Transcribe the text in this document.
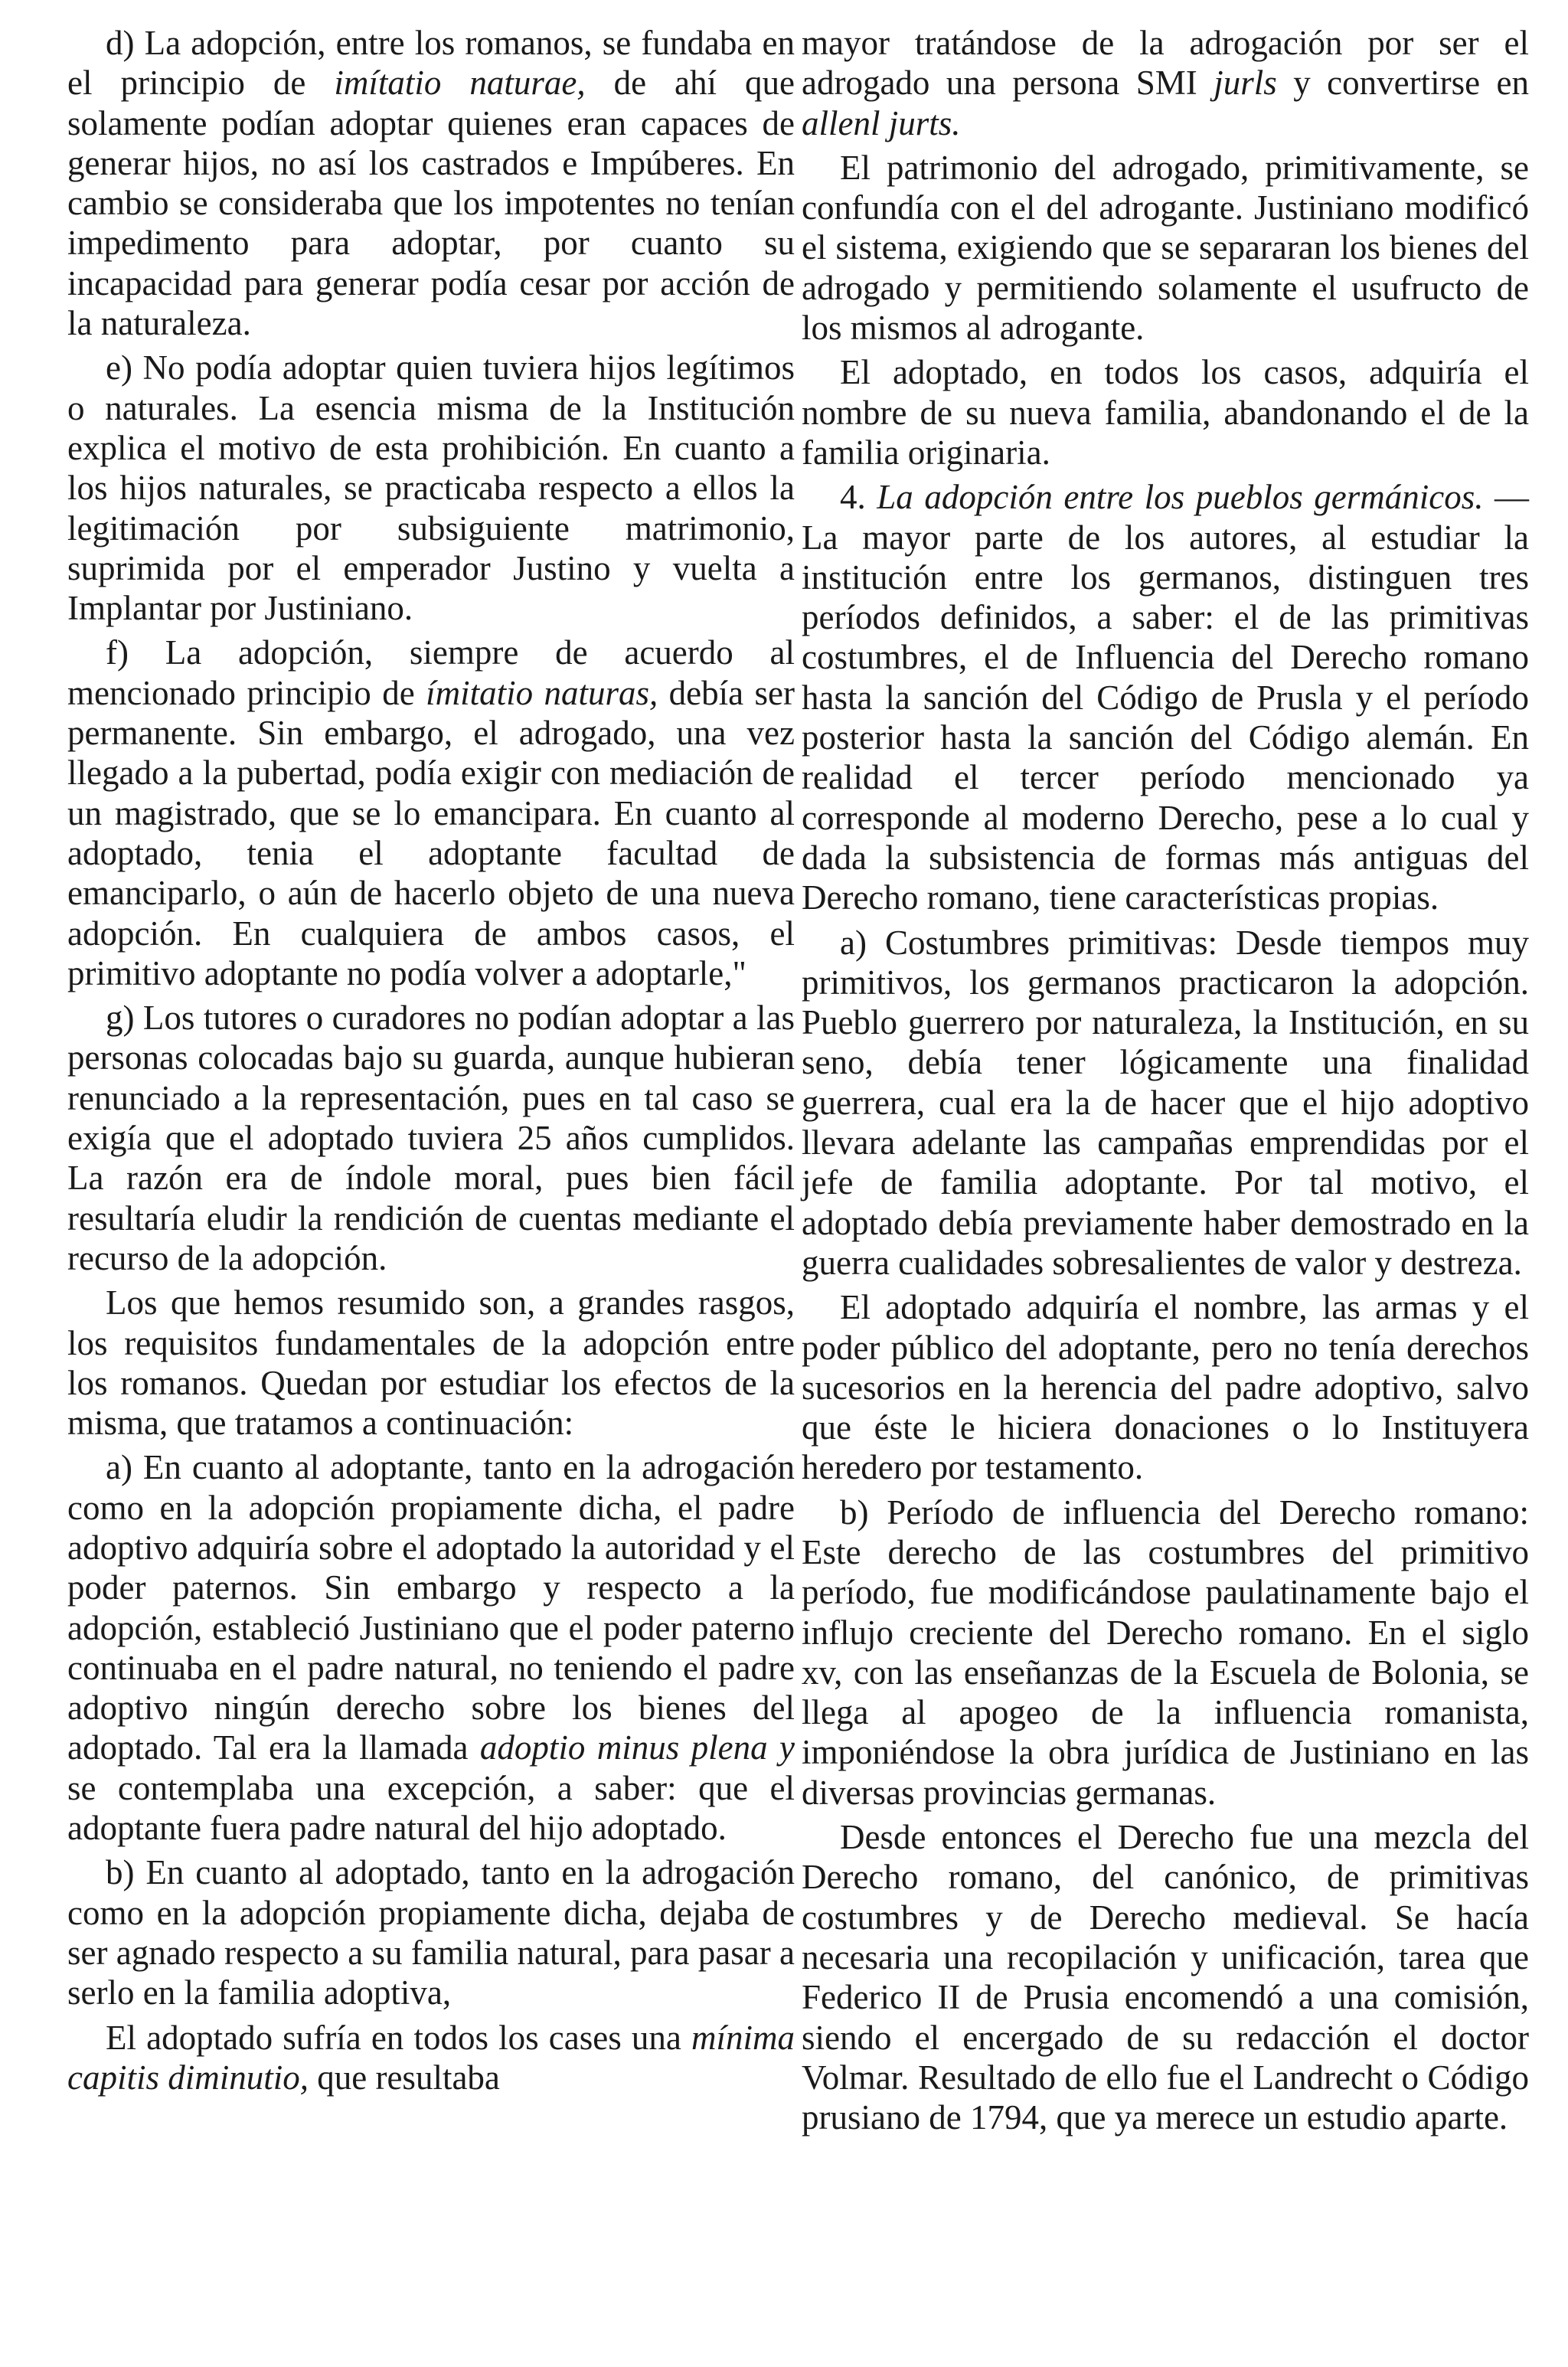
d) La adopción, entre los romanos, se fundaba en el principio de imítatio naturae, de ahí que solamente podían adoptar quienes eran capaces de generar hijos, no así los castrados e Impúberes. En cambio se consideraba que los impotentes no tenían impedimento para adoptar, por cuanto su incapacidad para generar podía cesar por acción de la naturaleza.

e) No podía adoptar quien tuviera hijos legítimos o naturales. La esencia misma de la Institución explica el motivo de esta prohibición. En cuanto a los hijos naturales, se practicaba respecto a ellos la legitimación por subsiguiente matrimonio, suprimida por el emperador Justino y vuelta a Implantar por Justiniano.

f) La adopción, siempre de acuerdo al mencionado principio de ímitatio naturas, debía ser permanente. Sin embargo, el adrogado, una vez llegado a la pubertad, podía exigir con mediación de un magistrado, que se lo emancipara. En cuanto al adoptado, tenia el adoptante facultad de emanciparlo, o aún de hacerlo objeto de una nueva adopción. En cualquiera de ambos casos, el primitivo adoptante no podía volver a adoptarle,"

g) Los tutores o curadores no podían adoptar a las personas colocadas bajo su guarda, aunque hubieran renunciado a la representación, pues en tal caso se exigía que el adoptado tuviera 25 años cumplidos. La razón era de índole moral, pues bien fácil resultaría eludir la rendición de cuentas mediante el recurso de la adopción.

Los que hemos resumido son, a grandes rasgos, los requisitos fundamentales de la adopción entre los romanos. Quedan por estudiar los efectos de la misma, que tratamos a continuación:

a) En cuanto al adoptante, tanto en la adrogación como en la adopción propiamente dicha, el padre adoptivo adquiría sobre el adoptado la autoridad y el poder paternos. Sin embargo y respecto a la adopción, estableció Justiniano que el poder paterno continuaba en el padre natural, no teniendo el padre adoptivo ningún derecho sobre los bienes del adoptado. Tal era la llamada adoptio minus plena y se contemplaba una excepción, a saber: que el adoptante fuera padre natural del hijo adoptado.

b) En cuanto al adoptado, tanto en la adrogación como en la adopción propiamente dicha, dejaba de ser agnado respecto a su familia natural, para pasar a serlo en la familia adoptiva,

El adoptado sufría en todos los cases una mínima capitis diminutio, que resultaba

mayor tratándose de la adrogación por ser el adrogado una persona SMI jurls y convertirse en allenl jurts.

El patrimonio del adrogado, primitivamente, se confundía con el del adrogante. Justiniano modificó el sistema, exigiendo que se separaran los bienes del adrogado y permitiendo solamente el usufructo de los mismos al adrogante.

El adoptado, en todos los casos, adquiría el nombre de su nueva familia, abandonando el de la familia originaria.

4. La adopción entre los pueblos germánicos. — La mayor parte de los autores, al estudiar la institución entre los germanos, distinguen tres períodos definidos, a saber: el de las primitivas costumbres, el de Influencia del Derecho romano hasta la sanción del Código de Prusla y el período posterior hasta la sanción del Código alemán. En realidad el tercer período mencionado ya corresponde al moderno Derecho, pese a lo cual y dada la subsistencia de formas más antiguas del Derecho romano, tiene características propias.

a) Costumbres primitivas: Desde tiempos muy primitivos, los germanos practicaron la adopción. Pueblo guerrero por naturaleza, la Institución, en su seno, debía tener lógicamente una finalidad guerrera, cual era la de hacer que el hijo adoptivo llevara adelante las campañas emprendidas por el jefe de familia adoptante. Por tal motivo, el adoptado debía previamente haber demostrado en la guerra cualidades sobresalientes de valor y destreza.

El adoptado adquiría el nombre, las armas y el poder público del adoptante, pero no tenía derechos sucesorios en la herencia del padre adoptivo, salvo que éste le hiciera donaciones o lo Instituyera heredero por testamento.

b) Período de influencia del Derecho romano: Este derecho de las costumbres del primitivo período, fue modificándose paulatinamente bajo el influjo creciente del Derecho romano. En el siglo xv, con las enseñanzas de la Escuela de Bolonia, se llega al apogeo de la influencia romanista, imponiéndose la obra jurídica de Justiniano en las diversas provincias germanas.

Desde entonces el Derecho fue una mezcla del Derecho romano, del canónico, de primitivas costumbres y de Derecho medieval. Se hacía necesaria una recopilación y unificación, tarea que Federico II de Prusia encomendó a una comisión, siendo el encergado de su redacción el doctor Volmar. Resultado de ello fue el Landrecht o Código prusiano de 1794, que ya merece un estudio aparte.
